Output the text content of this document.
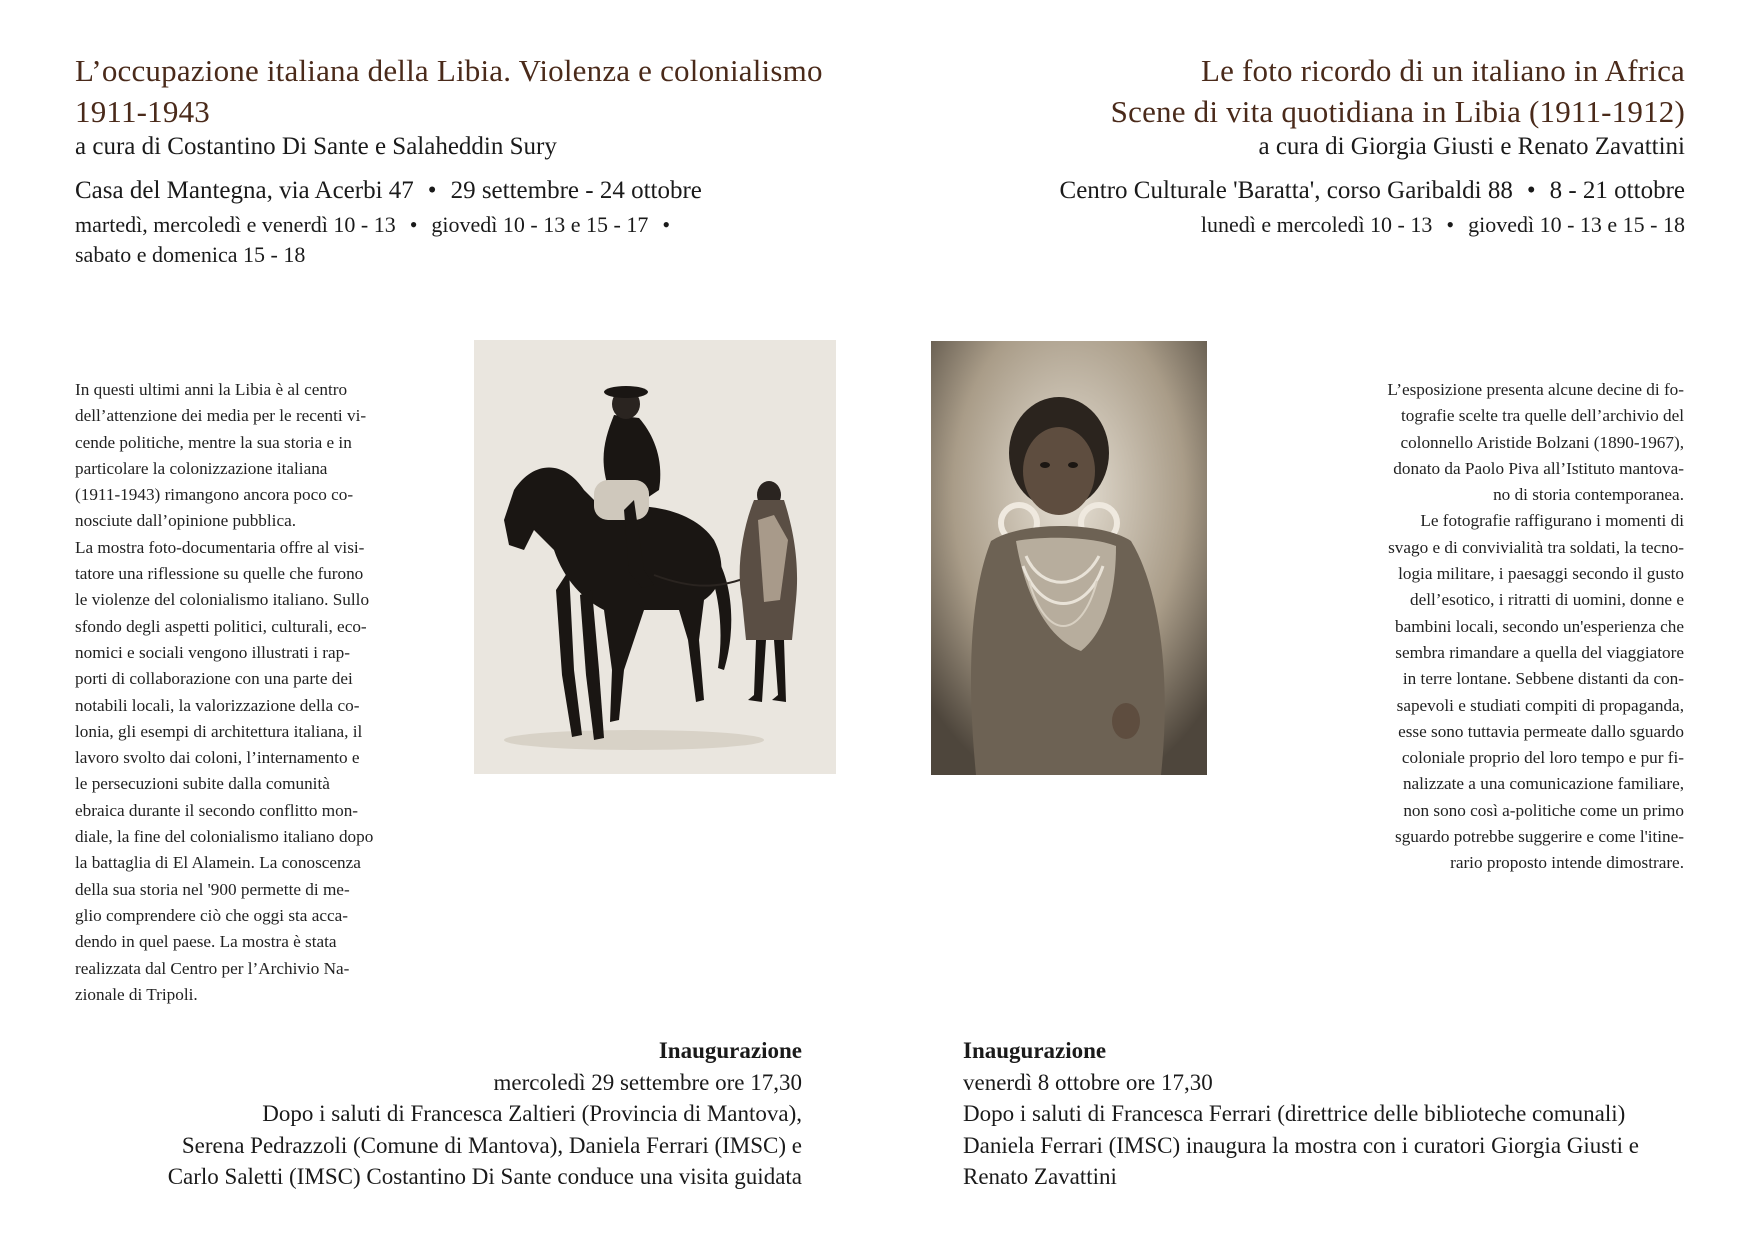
L’occupazione italiana della Libia. Violenza e colonialismo
1911-1943
a cura di Costantino Di Sante e Salaheddin Sury
Casa del Mantegna, via Acerbi 47 • 29 settembre - 24 ottobre
martedì, mercoledì e venerdì 10 - 13 • giovedì 10 - 13 e 15 - 17 •
sabato e domenica 15 - 18
Le foto ricordo di un italiano in Africa
Scene di vita quotidiana in Libia (1911-1912)
a cura di Giorgia Giusti e Renato Zavattini
Centro Culturale 'Baratta', corso Garibaldi 88 • 8 - 21 ottobre
lunedì e mercoledì 10 - 13 • giovedì 10 - 13 e 15 - 18
In questi ultimi anni la Libia è al centro
dell’attenzione dei media per le recenti vi-
cende politiche, mentre la sua storia e in
particolare la colonizzazione italiana
(1911-1943) rimangono ancora poco co-
nosciute dall’opinione pubblica.
La mostra foto-documentaria offre al visi-
tatore una riflessione su quelle che furono
le violenze del colonialismo italiano. Sullo
sfondo degli aspetti politici, culturali, eco-
nomici e sociali vengono illustrati i rap-
porti di collaborazione con una parte dei
notabili locali, la valorizzazione della co-
lonia, gli esempi di architettura italiana, il
lavoro svolto dai coloni, l’internamento e
le persecuzioni subite dalla comunità
ebraica durante il secondo conflitto mon-
diale, la fine del colonialismo italiano dopo
la battaglia di El Alamein. La conoscenza
della sua storia nel '900 permette di me-
glio comprendere ciò che oggi sta acca-
dendo in quel paese. La mostra è stata
realizzata dal Centro per l’Archivio Na-
zionale di Tripoli.
L’esposizione presenta alcune decine di fo-
tografie scelte tra quelle dell’archivio del
colonnello Aristide Bolzani (1890-1967),
donato da Paolo Piva all’Istituto mantova-
no di storia contemporanea.
Le fotografie raffigurano i momenti di
svago e di convivialità tra soldati, la tecno-
logia militare, i paesaggi secondo il gusto
dell’esotico, i ritratti di uomini, donne e
bambini locali, secondo un'esperienza che
sembra rimandare a quella del viaggiatore
in terre lontane. Sebbene distanti da con-
sapevoli e studiati compiti di propaganda,
esse sono tuttavia permeate dallo sguardo
coloniale proprio del loro tempo e pur fi-
nalizzate a una comunicazione familiare,
non sono così a-politiche come un primo
sguardo potrebbe suggerire e come l'itine-
rario proposto intende dimostrare.
Inaugurazione
mercoledì 29 settembre ore 17,30
Dopo i saluti di Francesca Zaltieri (Provincia di Mantova),
Serena Pedrazzoli (Comune di Mantova), Daniela Ferrari (IMSC) e
Carlo Saletti (IMSC) Costantino Di Sante conduce una visita guidata
Inaugurazione
venerdì 8 ottobre ore 17,30
Dopo i saluti di Francesca Ferrari (direttrice delle biblioteche comunali)
Daniela Ferrari (IMSC) inaugura la mostra con i curatori Giorgia Giusti e
Renato Zavattini
